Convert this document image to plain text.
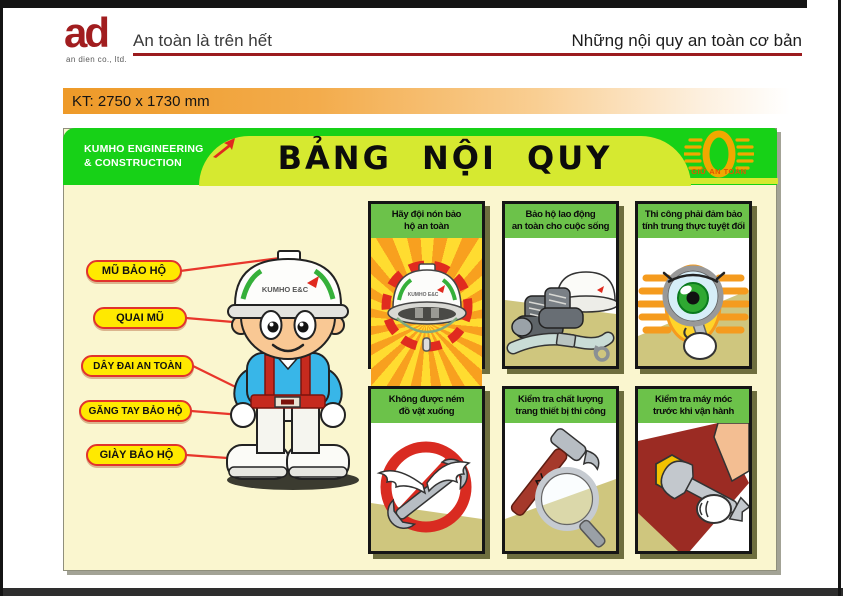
ad
an dien co., ltd.
An toàn là trên hết	Những nội quy an toàn cơ bản
KT: 2750 x 1730 mm
BẢNG NỘI QUY
KUMHO ENGINEERING
& CONSTRUCTION
GIỮ AN TOÀN
KUMHO E&C
MŨ BẢO HỘ
QUAI MŨ
DÂY ĐAI AN TOÀN
GĂNG TAY BẢO HỘ
GIÀY BẢO HỘ
Hãy đội nón bảo
hộ an toàn
KUMHO E&C
Bảo hộ lao động
an toàn cho cuộc sống
Thi công phải đảm bảo
tính trung thực tuyệt đối
Không được ném
đồ vật xuống
Kiểm tra chất lượng
trang thiết bị thi công
Kiểm tra máy móc
trước khi vận hành
